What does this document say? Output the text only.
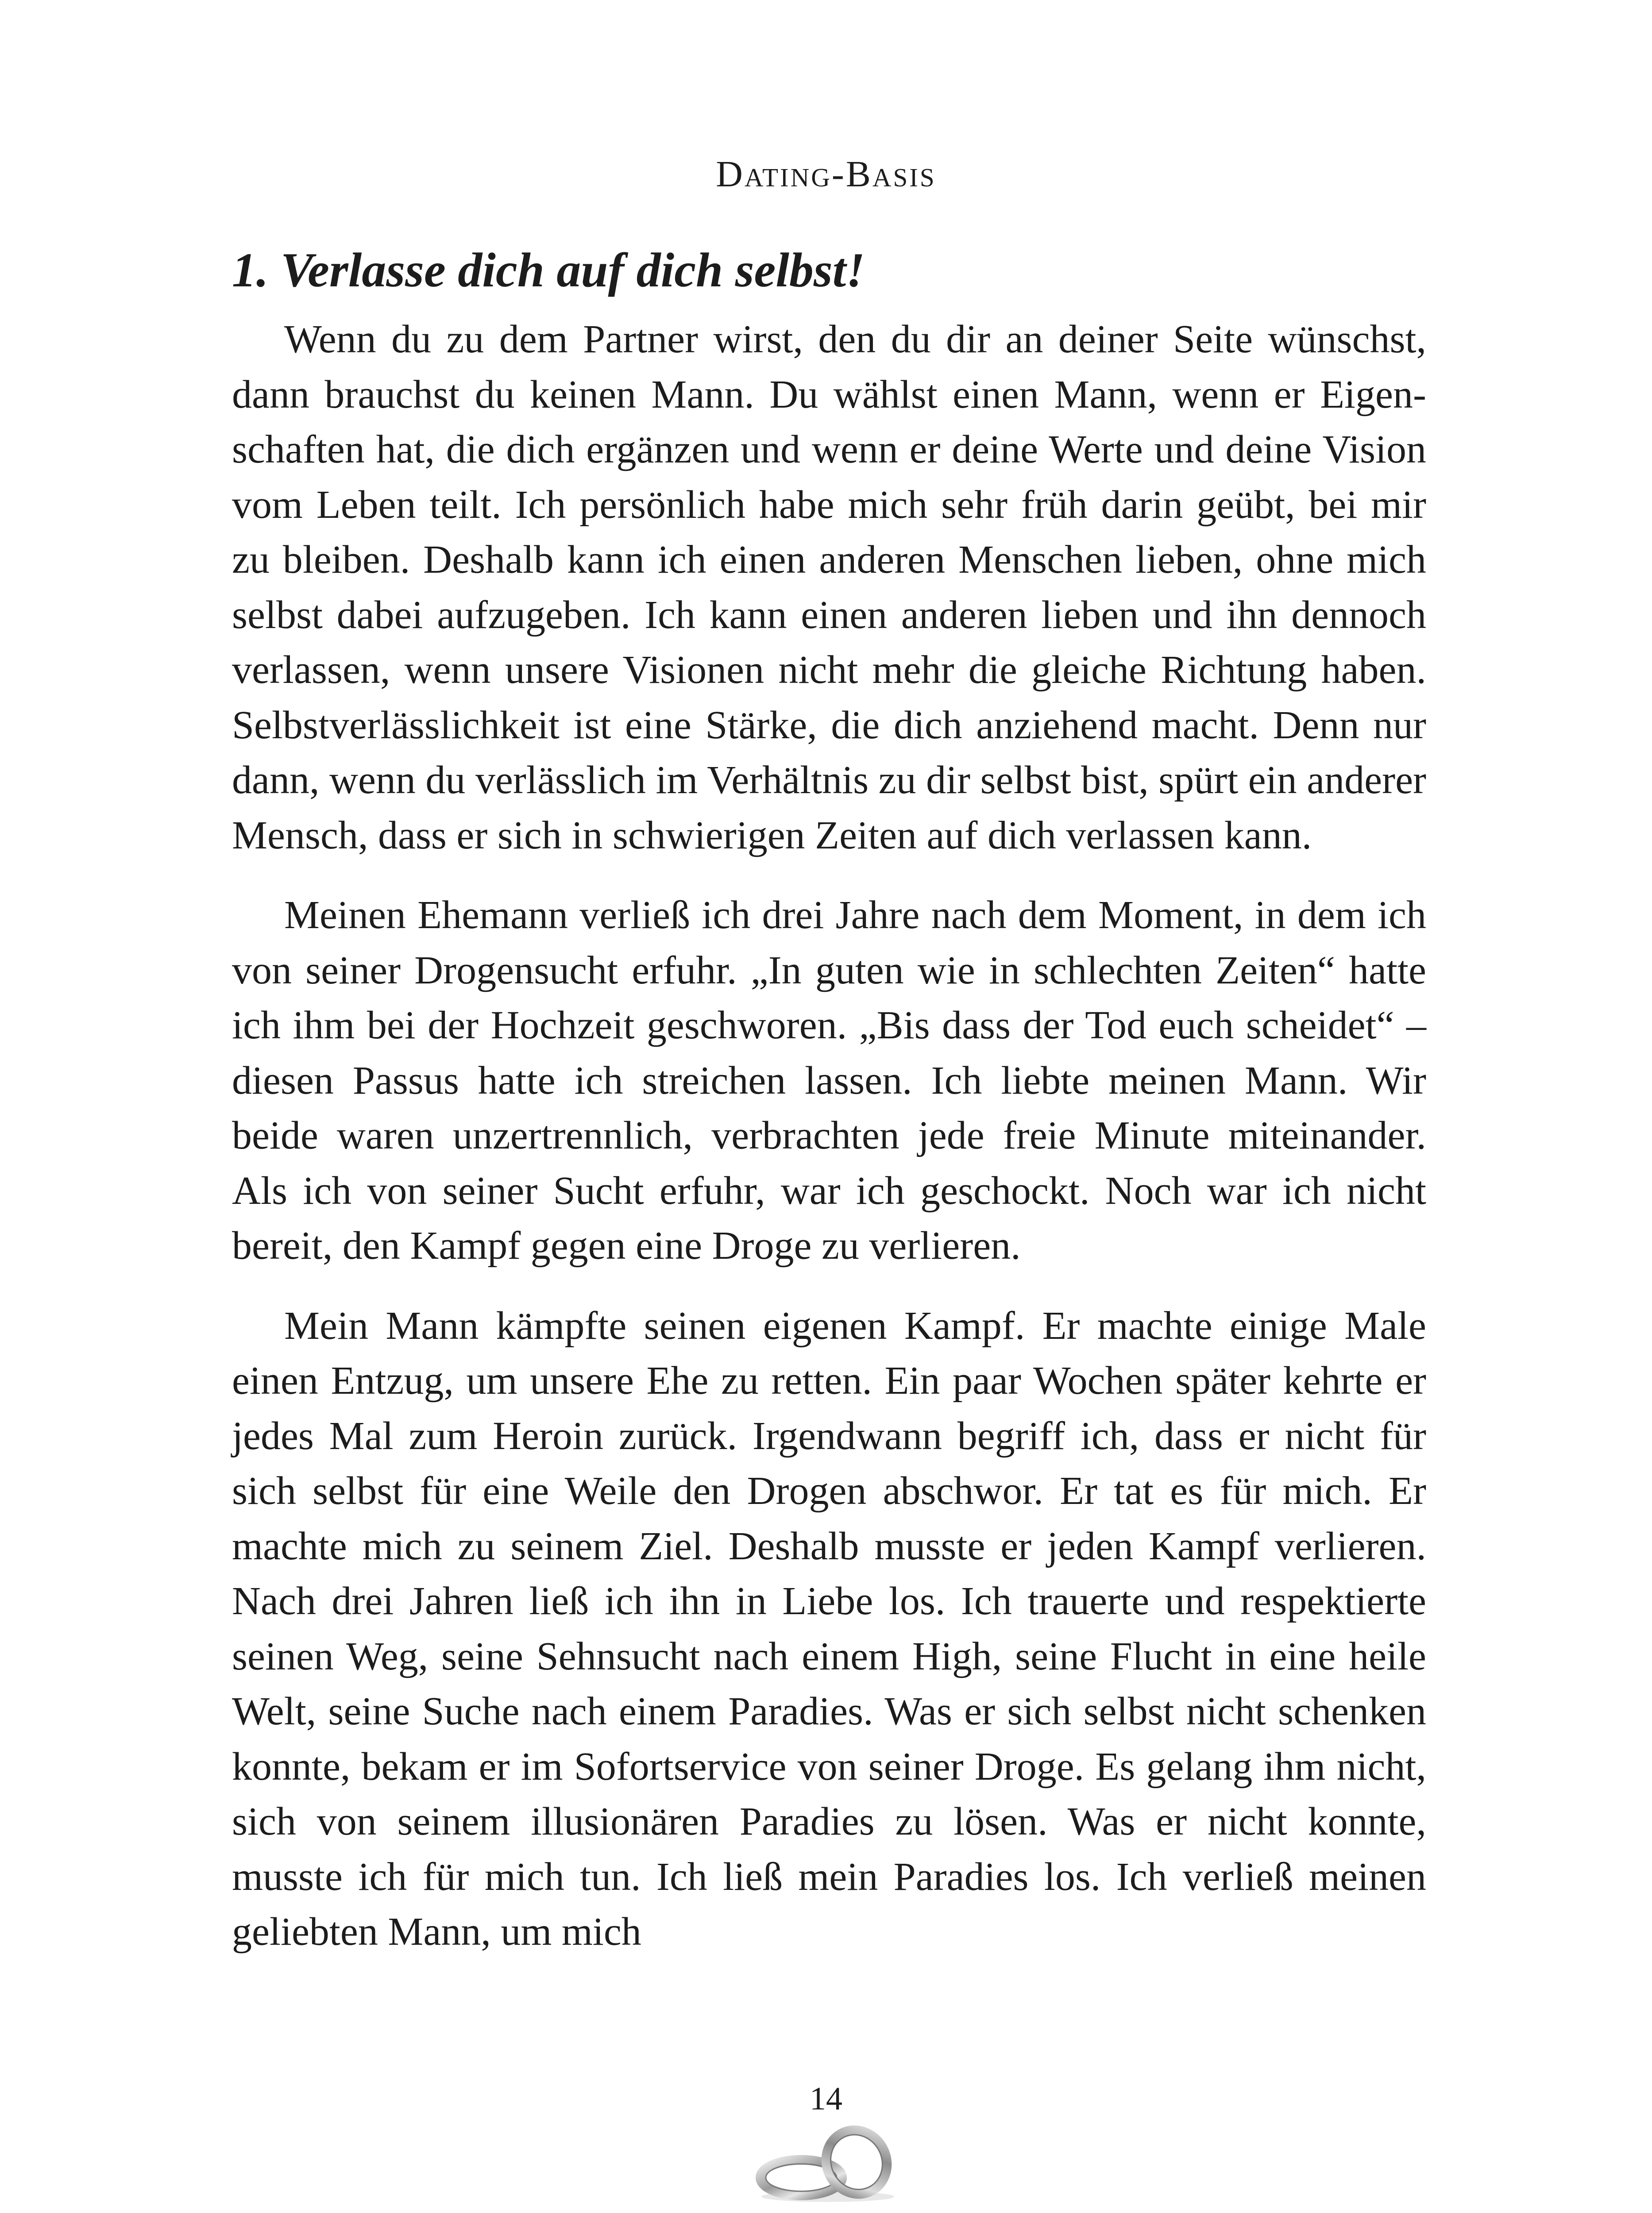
Dating-Basis
1. Verlasse dich auf dich selbst!

Wenn du zu dem Partner wirst, den du dir an deiner Seite wünschst, dann brauchst du keinen Mann. Du wählst einen Mann, wenn er Eigenschaften hat, die dich ergänzen und wenn er deine Werte und deine Vision vom Leben teilt. Ich persönlich habe mich sehr früh darin geübt, bei mir zu bleiben. Deshalb kann ich einen anderen Menschen lieben, ohne mich selbst dabei aufzugeben. Ich kann einen anderen lieben und ihn dennoch verlassen, wenn unsere Visionen nicht mehr die gleiche Richtung haben. Selbstverlässlichkeit ist eine Stärke, die dich anziehend macht. Denn nur dann, wenn du verlässlich im Verhältnis zu dir selbst bist, spürt ein anderer Mensch, dass er sich in schwierigen Zeiten auf dich verlassen kann.

Meinen Ehemann verließ ich drei Jahre nach dem Moment, in dem ich von seiner Drogensucht erfuhr. „In guten wie in schlechten Zeiten“ hatte ich ihm bei der Hochzeit geschworen. „Bis dass der Tod euch scheidet“ – diesen Passus hatte ich streichen lassen. Ich liebte meinen Mann. Wir beide waren unzertrennlich, verbrachten jede freie Minute miteinander. Als ich von seiner Sucht erfuhr, war ich geschockt. Noch war ich nicht bereit, den Kampf gegen eine Droge zu verlieren.

Mein Mann kämpfte seinen eigenen Kampf. Er machte einige Male einen Entzug, um unsere Ehe zu retten. Ein paar Wochen später kehrte er jedes Mal zum Heroin zurück. Irgendwann begriff ich, dass er nicht für sich selbst für eine Weile den Drogen abschwor. Er tat es für mich. Er machte mich zu seinem Ziel. Deshalb musste er jeden Kampf verlieren. Nach drei Jahren ließ ich ihn in Liebe los. Ich trauerte und respektierte seinen Weg, seine Sehnsucht nach einem High, seine Flucht in eine heile Welt, seine Suche nach einem Paradies. Was er sich selbst nicht schenken konnte, bekam er im Sofortservice von seiner Droge. Es gelang ihm nicht, sich von seinem illusionären Paradies zu lösen. Was er nicht konnte, musste ich für mich tun. Ich ließ mein Paradies los. Ich verließ meinen geliebten Mann, um mich

14
